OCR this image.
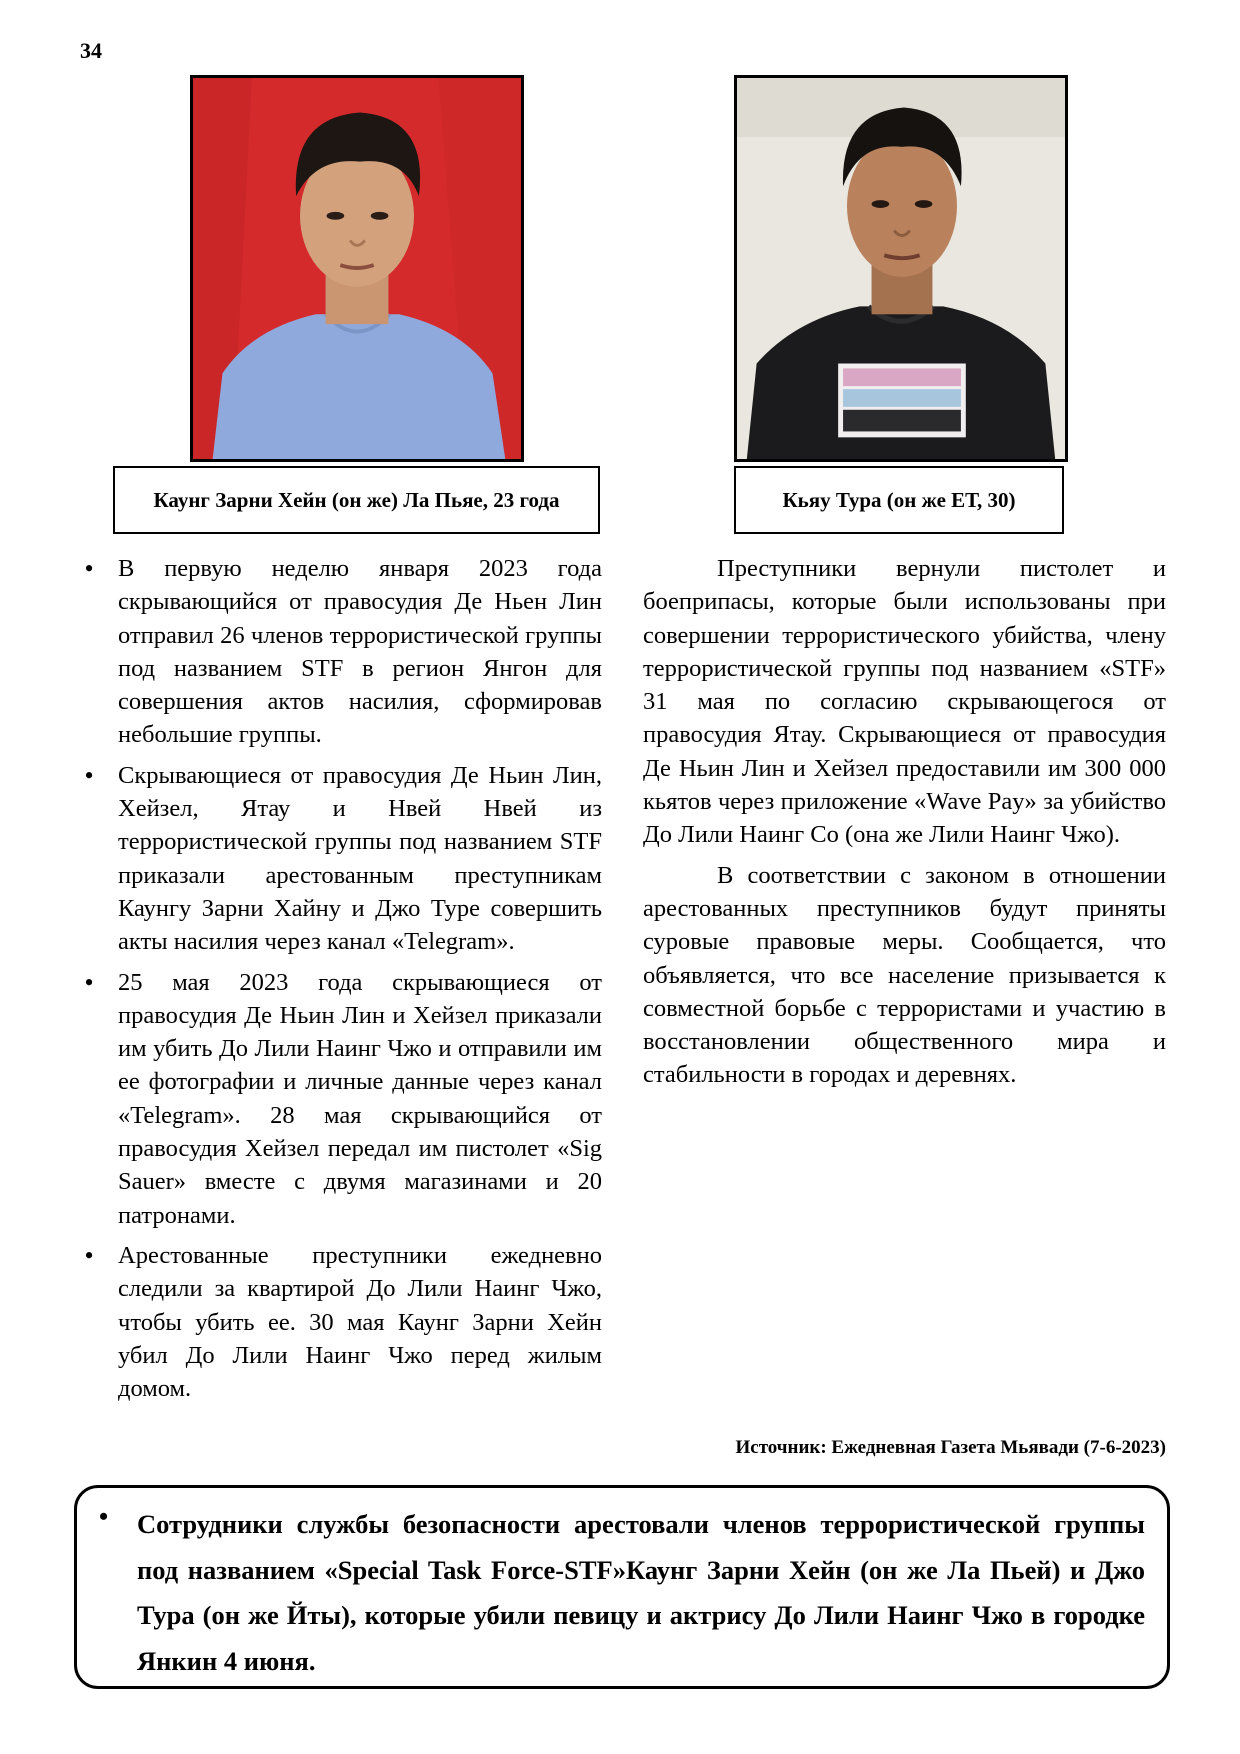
34
Каунг Зарни Хейн (он же) Ла Пьяе, 23 года	Кьяу Тура (он же ЕТ, 30)
• В первую неделю января 2023 года скрывающийся от правосудия Де Ньен Лин отправил 26 членов террористической группы под названием STF в регион Янгон для совершения актов насилия, сформировав небольшие группы.
• Скрывающиеся от правосудия Де Ньин Лин, Хейзел, Ятау и Нвей Нвей из террористической группы под названием STF приказали арестованным преступникам Каунгу Зарни Хайну и Джо Туре совершить акты насилия через канал «Telegram».
• 25 мая 2023 года скрывающиеся от правосудия Де Ньин Лин и Хейзел приказали им убить До Лили Наинг Чжо и отправили им ее фотографии и личные данные через канал «Telegram». 28 мая скрывающийся от правосудия Хейзел передал им пистолет «Sig Sauer» вместе с двумя магазинами и 20 патронами.
• Арестованные преступники ежедневно следили за квартирой До Лили Наинг Чжо, чтобы убить ее. 30 мая Каунг Зарни Хейн убил До Лили Наинг Чжо перед жилым домом.

Преступники вернули пистолет и боеприпасы, которые были использованы при совершении террористического убийства, члену террористической группы под названием «STF» 31 мая по согласию скрывающегося от правосудия Ятау. Скрывающиеся от правосудия Де Ньин Лин и Хейзел предоставили им 300 000 кьятов через приложение «Wave Pay» за убийство До Лили Наинг Со (она же Лили Наинг Чжо).

В соответствии с законом в отношении арестованных преступников будут приняты суровые правовые меры. Сообщается, что объявляется, что все население призывается к совместной борьбе с террористами и участию в восстановлении общественного мира и стабильности в городах и деревнях.

Источник: Ежедневная Газета Мьявади (7-6-2023)
• Сотрудники службы безопасности арестовали членов террористической группы под названием «Special Task Force-STF»Каунг Зарни Хейн (он же Ла Пьей) и Джо Тура (он же Йты), которые убили певицу и актрису До Лили Наинг Чжо в городке Янкин 4 июня.
